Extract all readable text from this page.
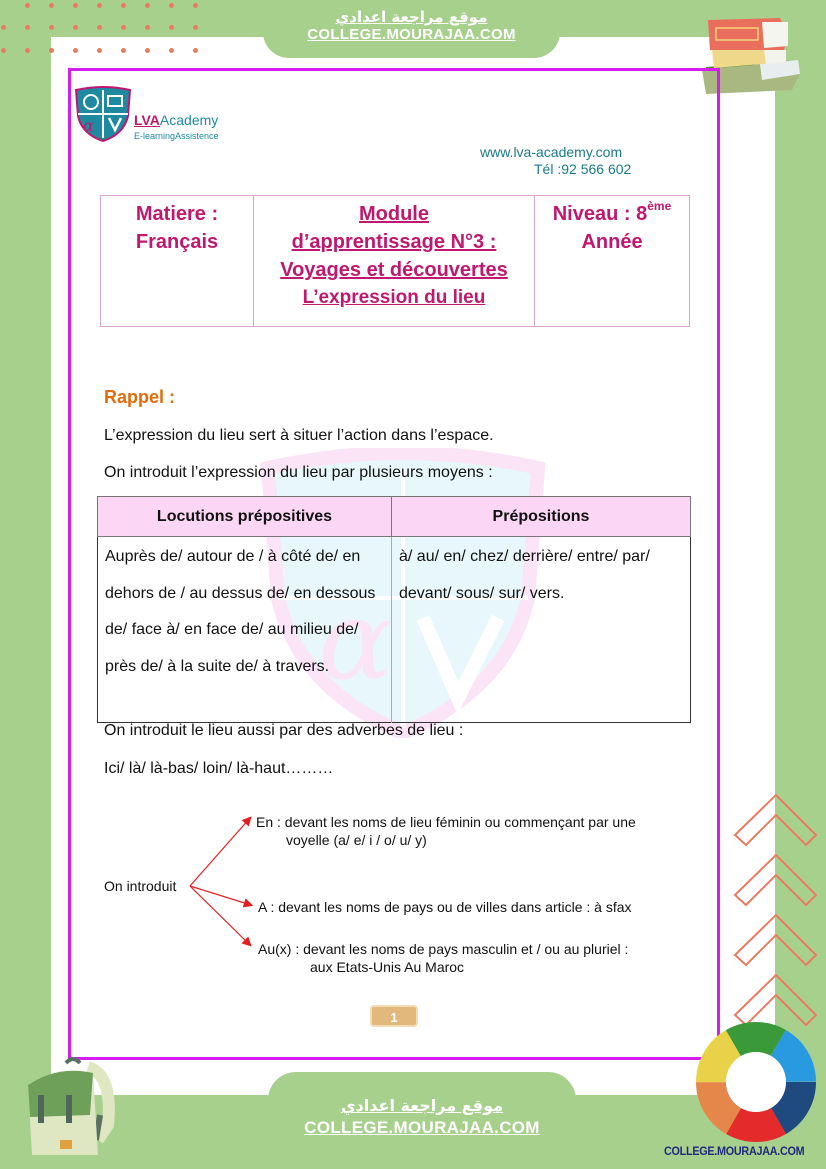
موقع مراجعة اعدادي
COLLEGE.MOURAJAA.COM
α
α	LVAAcademy
E-learningAssistence
www.lva-academy.com
Tél :92 566 602
Matiere :
Français

Module
d’apprentissage N°3 :
Voyages et découvertes
L’expression du lieu

Niveau : 8ème
Année
Rappel :
L’expression du lieu sert à situer l’action dans l’espace.
On introduit l’expression du lieu par plusieurs moyens :
Locutions prépositives	Prépositions
Auprès de/ autour de / à côté de/ en dehors de / au dessus de/ en dessous de/ face à/ en face de/ au milieu de/ près de/ à la suite de/ à travers.	à/ au/ en/ chez/ derrière/ entre/ par/ devant/ sous/ sur/ vers.
On introduit le lieu aussi par des adverbes de lieu :
Ici/ là/ là-bas/ loin/ là-haut………
On introduit
En : devant les noms de lieu féminin ou commençant par une
voyelle (a/ e/ i / o/ u/ y)
A : devant les noms de pays ou de villes dans article : à sfax
Au(x) : devant les noms de pays masculin et / ou au pluriel :
aux Etats-Unis Au Maroc
1
موقع مراجعة اعدادي
COLLEGE.MOURAJAA.COM
COLLEGE.MOURAJAA.COM
